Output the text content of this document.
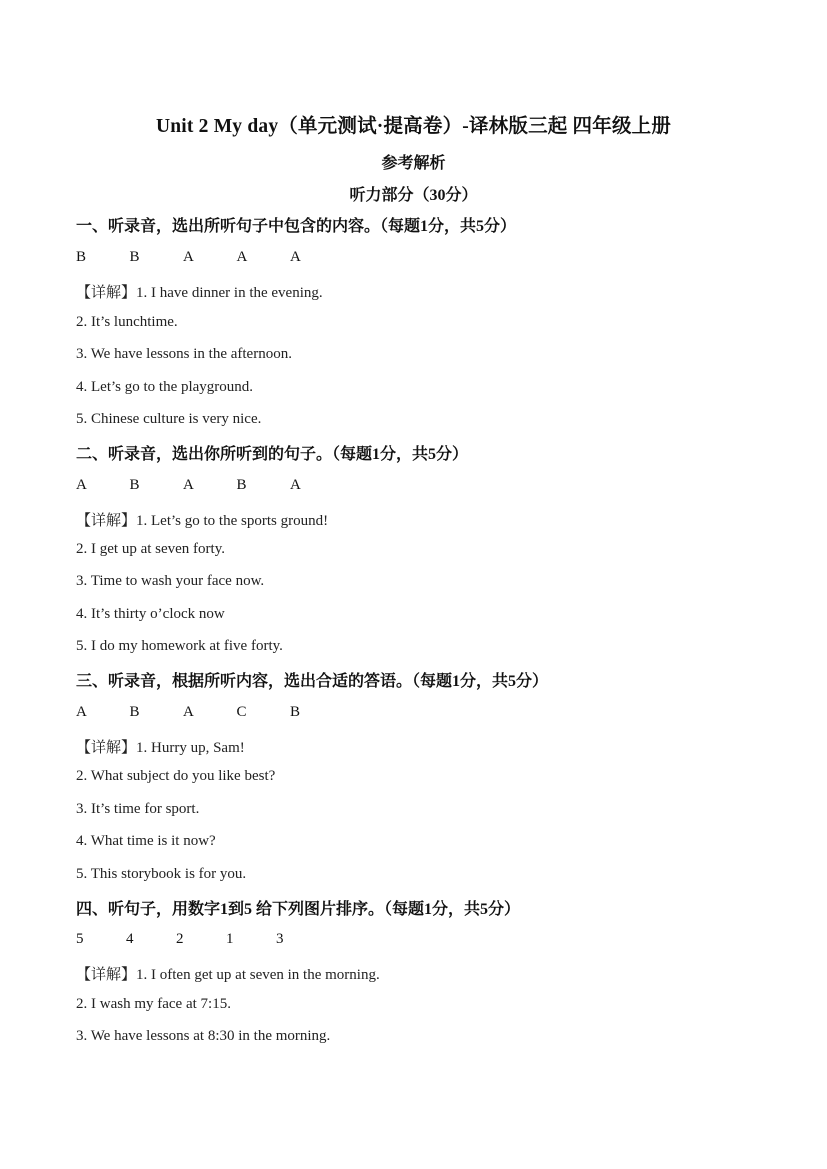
Unit 2 My day（单元测试·提高卷）-译林版三起 四年级上册
参考解析
听力部分（30分）
一、听录音，选出所听句子中包含的内容。（每题1分，共5分）
B	B	A	A	A
【详解】1. I have dinner in the evening.
2. It’s lunchtime.
3. We have lessons in the afternoon.
4. Let’s go to the playground.
5. Chinese culture is very nice.
二、听录音，选出你所听到的句子。（每题1分，共5分）
A	B	A	B	A
【详解】1. Let’s go to the sports ground!
2. I get up at seven forty.
3. Time to wash your face now.
4. It’s thirty o’clock now
5. I do my homework at five forty.
三、听录音，根据所听内容，选出合适的答语。（每题1分，共5分）
A	B	A	C	B
【详解】1. Hurry up, Sam!
2. What subject do you like best?
3. It’s time for sport.
4. What time is it now?
5. This storybook is for you.
四、听句子，用数字1到5 给下列图片排序。（每题1分，共5分）
5	4	2	1	3
【详解】1. I often get up at seven in the morning.
2. I wash my face at 7:15.
3. We have lessons at 8:30 in the morning.
